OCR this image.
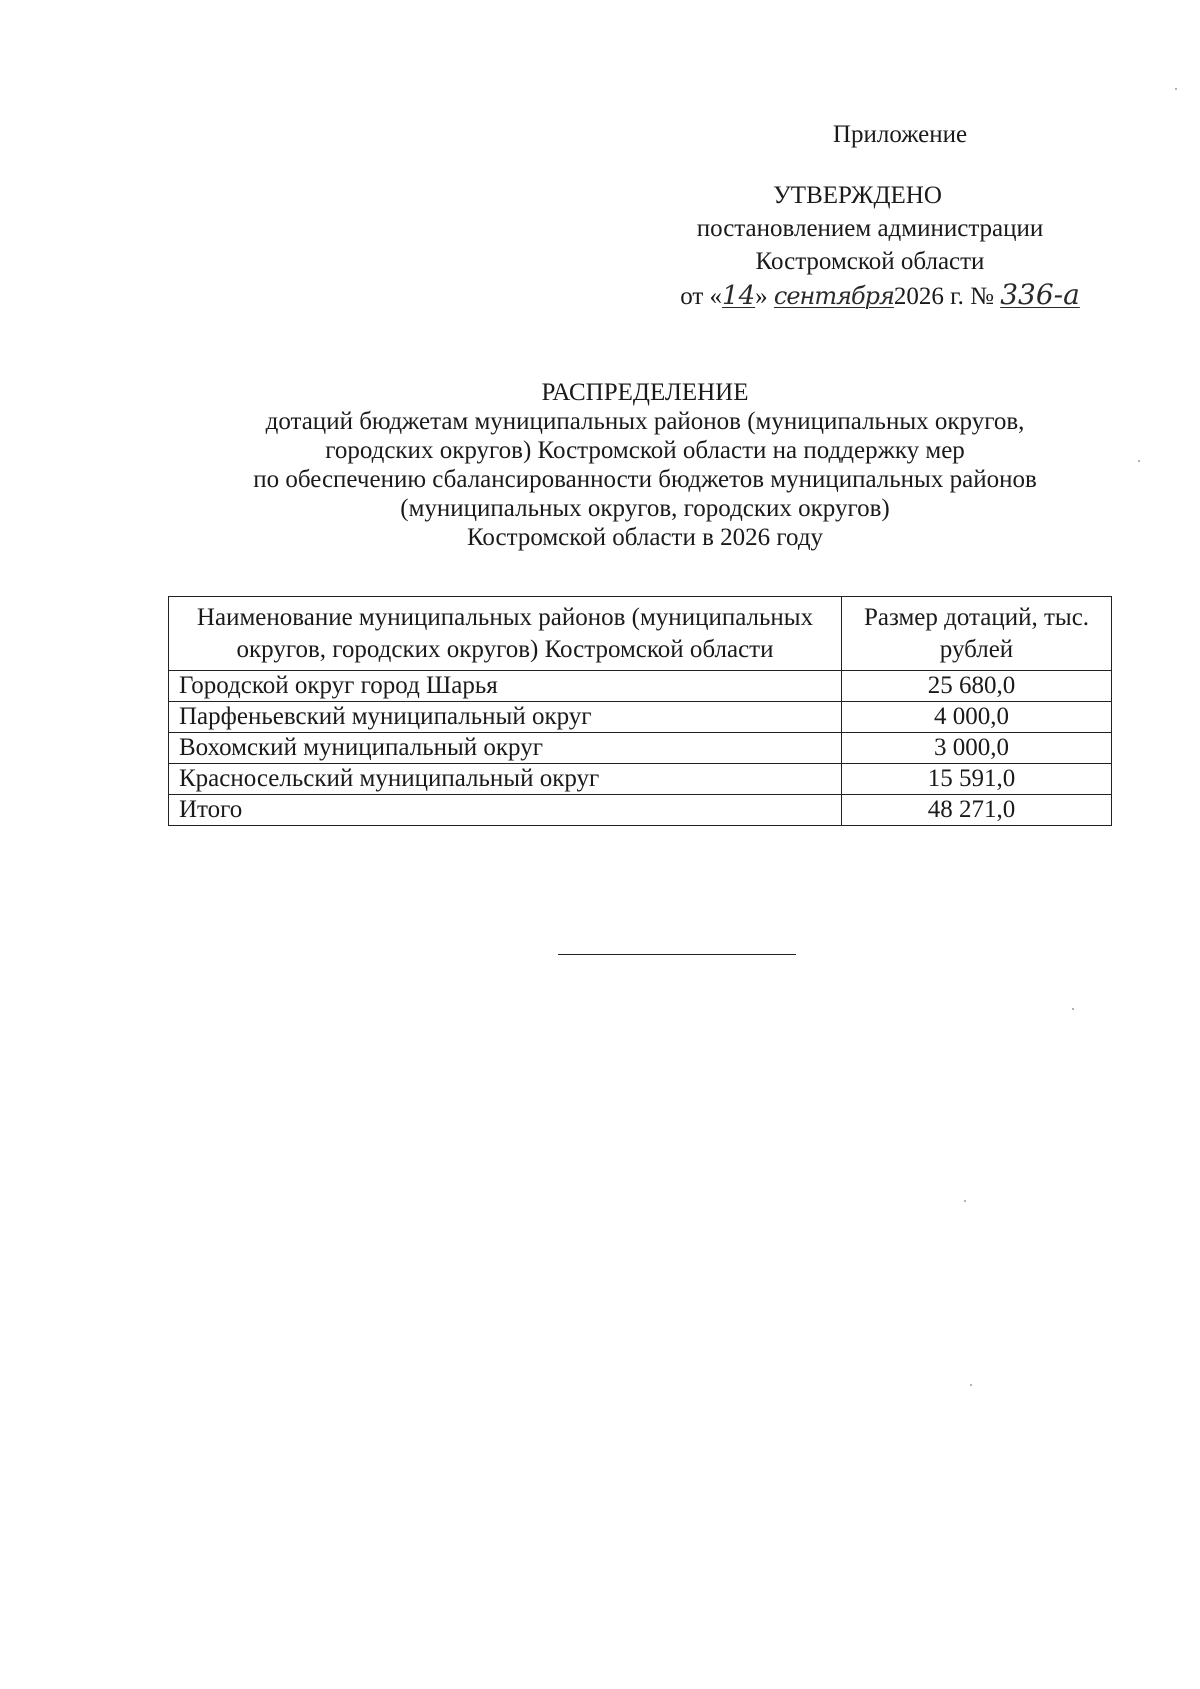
Приложение
УТВЕРЖДЕНО
постановлением администрации
Костромской области
от «14» сентября2026 г. № 336-а
РАСПРЕДЕЛЕНИЕ
дотаций бюджетам муниципальных районов (муниципальных округов,
городских округов) Костромской области на поддержку мер
по обеспечению сбалансированности бюджетов муниципальных районов
(муниципальных округов, городских округов)
Костромской области в 2026 году
Наименование муниципальных районов (муниципальных округов, городских округов) Костромской области	Размер дотаций, тыс. рублей
Городской округ город Шарья	25 680,0
Парфеньевский муниципальный округ	4 000,0
Вохомский муниципальный округ	3 000,0
Красносельский муниципальный округ	15 591,0
Итого	48 271,0
